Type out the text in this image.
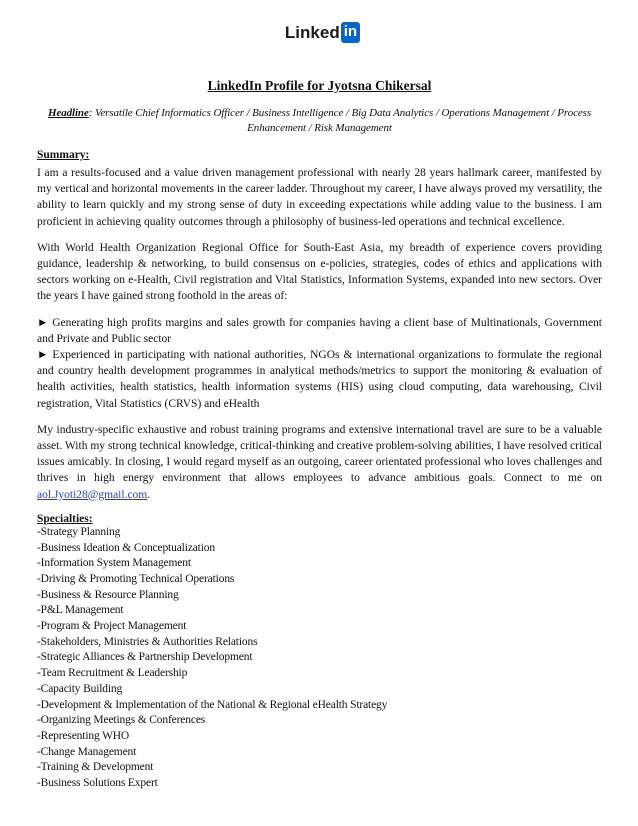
Linked in
LinkedIn Profile for Jyotsna Chikersal
Headline: Versatile Chief Informatics Officer / Business Intelligence / Big Data Analytics / Operations Management / Process Enhancement / Risk Management
Summary:

I am a results-focused and a value driven management professional with nearly 28 years hallmark career, manifested by my vertical and horizontal movements in the career ladder. Throughout my career, I have always proved my versatility, the ability to learn quickly and my strong sense of duty in exceeding expectations while adding value to the business. I am proficient in achieving quality outcomes through a philosophy of business-led operations and technical excellence.

With World Health Organization Regional Office for South-East Asia, my breadth of experience covers providing guidance, leadership & networking, to build consensus on e-policies, strategies, codes of ethics and applications with sectors working on e-Health, Civil registration and Vital Statistics, Information Systems, expanded into new sectors. Over the years I have gained strong foothold in the areas of:

► Generating high profits margins and sales growth for companies having a client base of Multinationals, Government and Private and Public sector
► Experienced in participating with national authorities, NGOs & international organizations to formulate the regional and country health development programmes in analytical methods/metrics to support the monitoring & evaluation of health activities, health statistics, health information systems (HIS) using cloud computing, data warehousing, Civil registration, Vital Statistics (CRVS) and eHealth

My industry-specific exhaustive and robust training programs and extensive international travel are sure to be a valuable asset. With my strong technical knowledge, critical-thinking and creative problem-solving abilities, I have resolved critical issues amicably. In closing, I would regard myself as an outgoing, career orientated professional who loves challenges and thrives in high energy environment that allows employees to advance ambitious goals. Connect to me on aol.Jyoti28@gmail.com.

Specialties:
-Strategy Planning
-Business Ideation & Conceptualization
-Information System Management
-Driving & Promoting Technical Operations
-Business & Resource Planning
-P&L Management
-Program & Project Management
-Stakeholders, Ministries & Authorities Relations
-Strategic Alliances & Partnership Development
-Team Recruitment & Leadership
-Capacity Building
-Development & Implementation of the National & Regional eHealth Strategy
-Organizing Meetings & Conferences
-Representing WHO
-Change Management
-Training & Development
-Business Solutions Expert
